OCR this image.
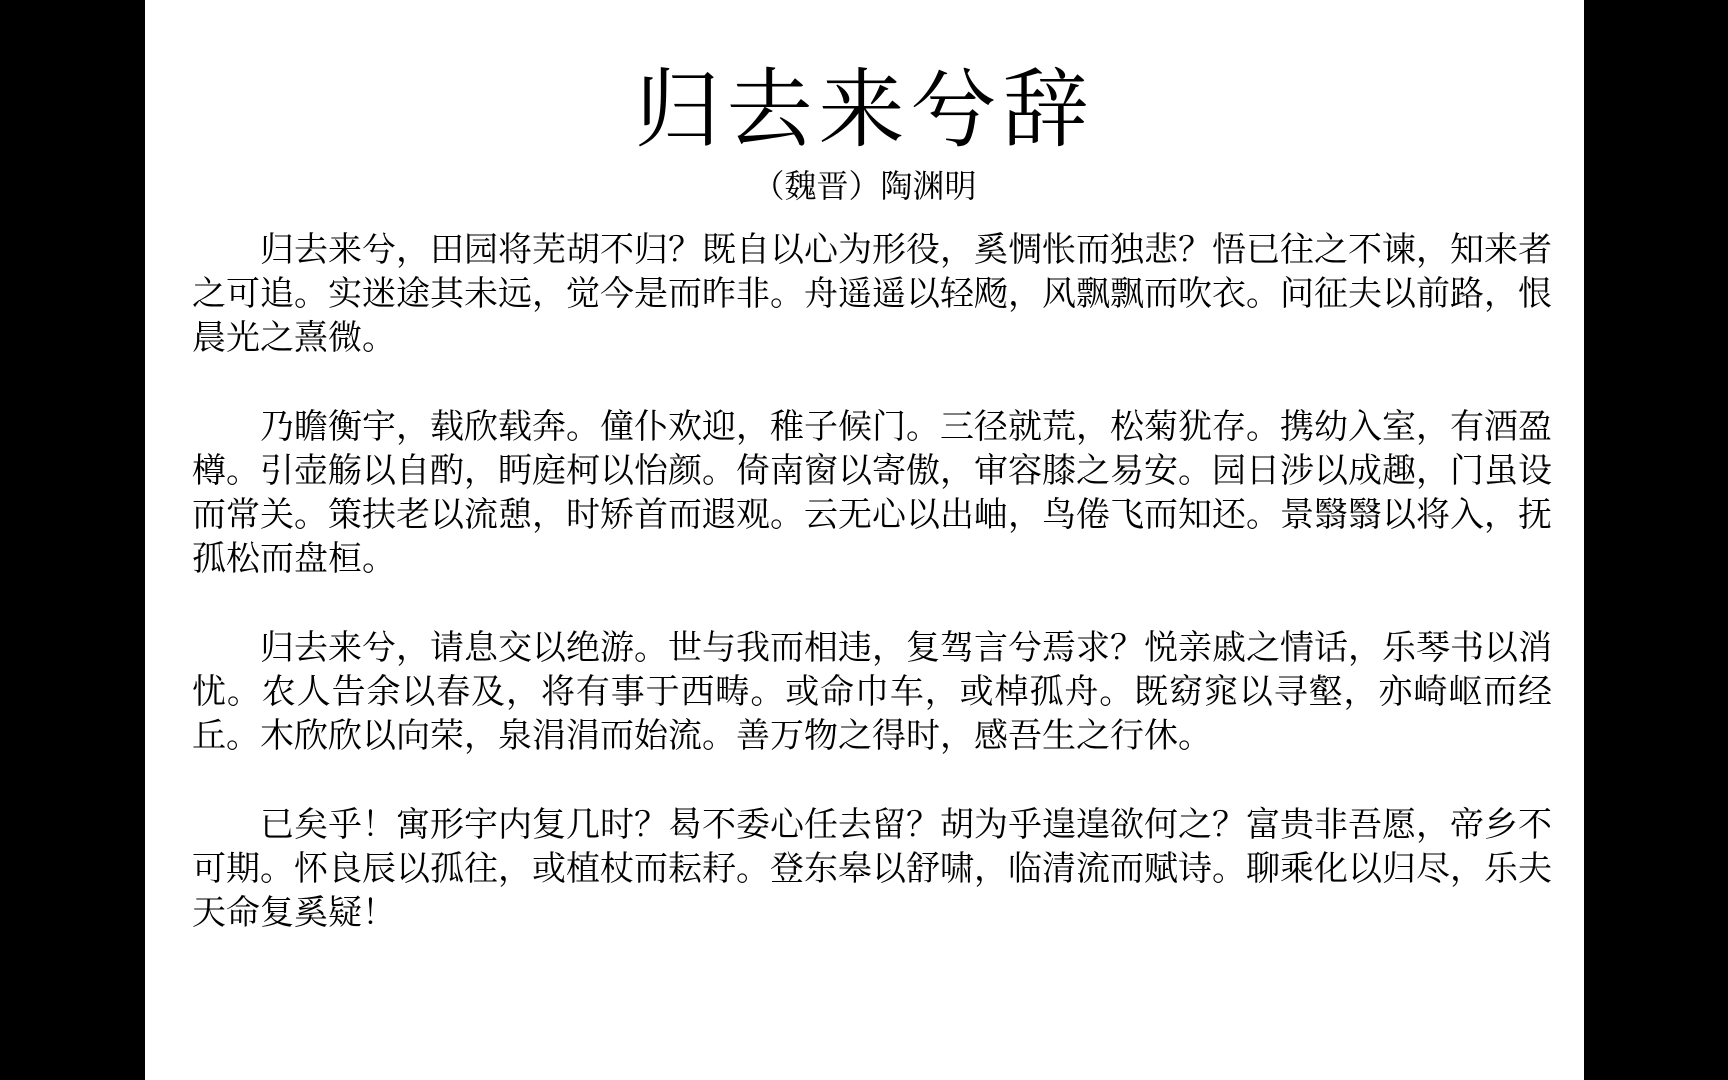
归去来兮辞
（魏晋）陶渊明

归去来兮，田园将芜胡不归？既自以心为形役，奚惆怅而独悲？悟已往之不谏，知来者之可追。实迷途其未远，觉今是而昨非。舟遥遥以轻飏，风飘飘而吹衣。问征夫以前路，恨晨光之熹微。

乃瞻衡宇，载欣载奔。僮仆欢迎，稚子候门。三径就荒，松菊犹存。携幼入室，有酒盈樽。引壶觞以自酌，眄庭柯以怡颜。倚南窗以寄傲，审容膝之易安。园日涉以成趣，门虽设而常关。策扶老以流憩，时矫首而遐观。云无心以出岫，鸟倦飞而知还。景翳翳以将入，抚孤松而盘桓。

归去来兮，请息交以绝游。世与我而相违，复驾言兮焉求？悦亲戚之情话，乐琴书以消忧。农人告余以春及，将有事于西畴。或命巾车，或棹孤舟。既窈窕以寻壑，亦崎岖而经丘。木欣欣以向荣，泉涓涓而始流。善万物之得时，感吾生之行休。

已矣乎！寓形宇内复几时？曷不委心任去留？胡为乎遑遑欲何之？富贵非吾愿，帝乡不可期。怀良辰以孤往，或植杖而耘耔。登东皋以舒啸，临清流而赋诗。聊乘化以归尽，乐夫天命复奚疑！
